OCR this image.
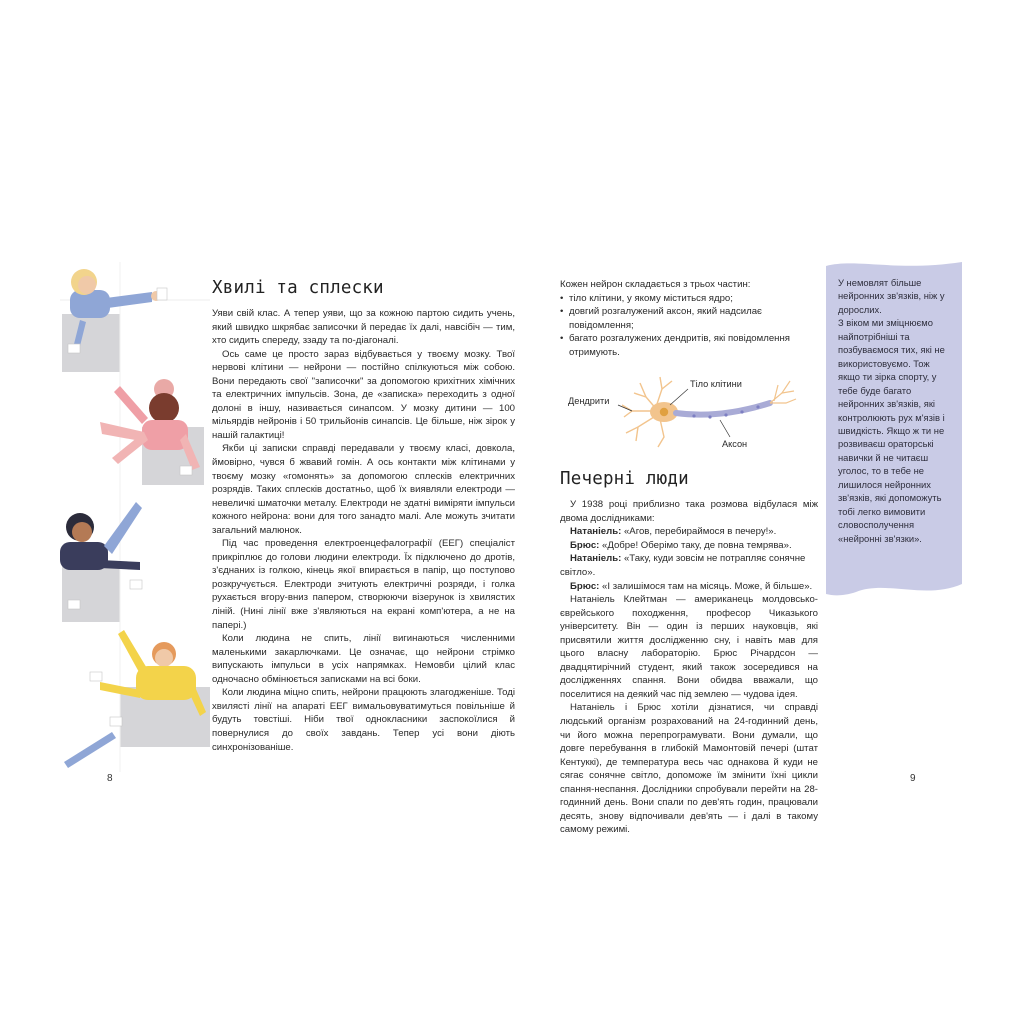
Хвилі та сплески

Уяви свій клас. А тепер уяви, що за кожною партою сидить учень, який швидко шкрябає записочки й передає їх далі, навсібіч — тим, хто сидить спереду, ззаду та по-діагоналі.

Ось саме це просто зараз відбувається у твоєму мозку. Твої нервові клітини — нейрони — постійно спілкуються між собою. Вони передають свої "записочки" за допомогою крихітних хімічних та електричних імпульсів. Зона, де «записка» переходить з одної долоні в іншу, називається синапсом. У мозку дитини — 100 мільярдів нейронів і 50 трильйонів синапсів. Це більше, ніж зірок у нашій галактиці!

Якби ці записки справді передавали у твоєму класі, довкола, ймовірно, чувся б жвавий гомін. А ось контакти між клітинами у твоєму мозку «гомонять» за допомогою сплесків електричних розрядів. Таких сплесків достатньо, щоб їх виявляли електроди — невеличкі шматочки металу. Електроди не здатні виміряти імпульси кожного нейрона: вони для того занадто малі. Але можуть зчитати загальний малюнок.

Під час проведення електроенцефалографії (ЕЕГ) спеціаліст прикріплює до голови людини електроди. Їх підключено до дротів, з'єднаних із голкою, кінець якої впирається в папір, що поступово розкручується. Електроди зчитують електричні розряди, і голка рухається вгору-вниз папером, створюючи візерунок із хвилястих ліній. (Нині лінії вже з'являються на екрані комп'ютера, а не на папері.)

Коли людина не спить, лінії вигинаються численними маленькими закарлючками. Це означає, що нейрони стрімко випускають імпульси в усіх напрямках. Немовби цілий клас одночасно обмінюється записками на всі боки.

Коли людина міцно спить, нейрони працюють злагодженіше. Тоді хвилясті лінії на апараті ЕЕГ вимальовуватимуться повільніше й будуть товстіші. Ніби твої однокласники заспокоїлися й повернулися до своїх завдань. Тепер усі вони діють синхронізованіше.

8

Кожен нейрон складається з трьох частин:

• тіло клітини, у якому міститься ядро;
• довгий розгалужений аксон, який надсилає повідомлення;
• багато розгалужених дендритів, які повідомлення отримують.
Дендрити
Тіло клітини
Аксон
Печерні люди

У 1938 році приблизно така розмова відбулася між двома дослідниками:

Натаніель: «Агов, перебираймося в печеру!».

Брюс: «Добре! Оберімо таку, де повна темрява».

Натаніель: «Таку, куди зовсім не потрапляє сонячне світло».

Брюс: «І залишімося там на місяць. Може, й більше».

Натаніель Клейтман — американець молдовсько-єврейського походження, професор Чиказького університету. Він — один із перших науковців, які присвятили життя дослідженню сну, і навіть мав для цього власну лабораторію. Брюс Річардсон — двадцятирічний студент, який також зосередився на дослідженнях спання. Вони обидва вважали, що поселитися на деякий час під землею — чудова ідея.

Натаніель і Брюс хотіли дізнатися, чи справді людський організм розрахований на 24-годинний день, чи його можна перепрограмувати. Вони думали, що довге перебування в глибокій Мамонтовій печері (штат Кентуккі), де температура весь час однакова й куди не сягає сонячне світло, допоможе їм змінити їхні цикли спання-неспання. Дослідники спробували перейти на 28-годинний день. Вони спали по дев'ять годин, працювали десять, знову відпочивали дев'ять — і далі в такому самому режимі.

9

У немовлят більше нейронних зв'язків, ніж у дорослих.

З віком ми зміцнюємо найпотрібніші та позбуваємося тих, які не використовуємо. Тож якщо ти зірка спорту, у тебе буде багато нейронних зв'язків, які контролюють рух м'язів і швидкість. Якщо ж ти не розвиваєш ораторські навички й не читаєш уголос, то в тебе не лишилося нейронних зв'язків, які допоможуть тобі легко вимовити словосполучення «нейронні зв'язки».
